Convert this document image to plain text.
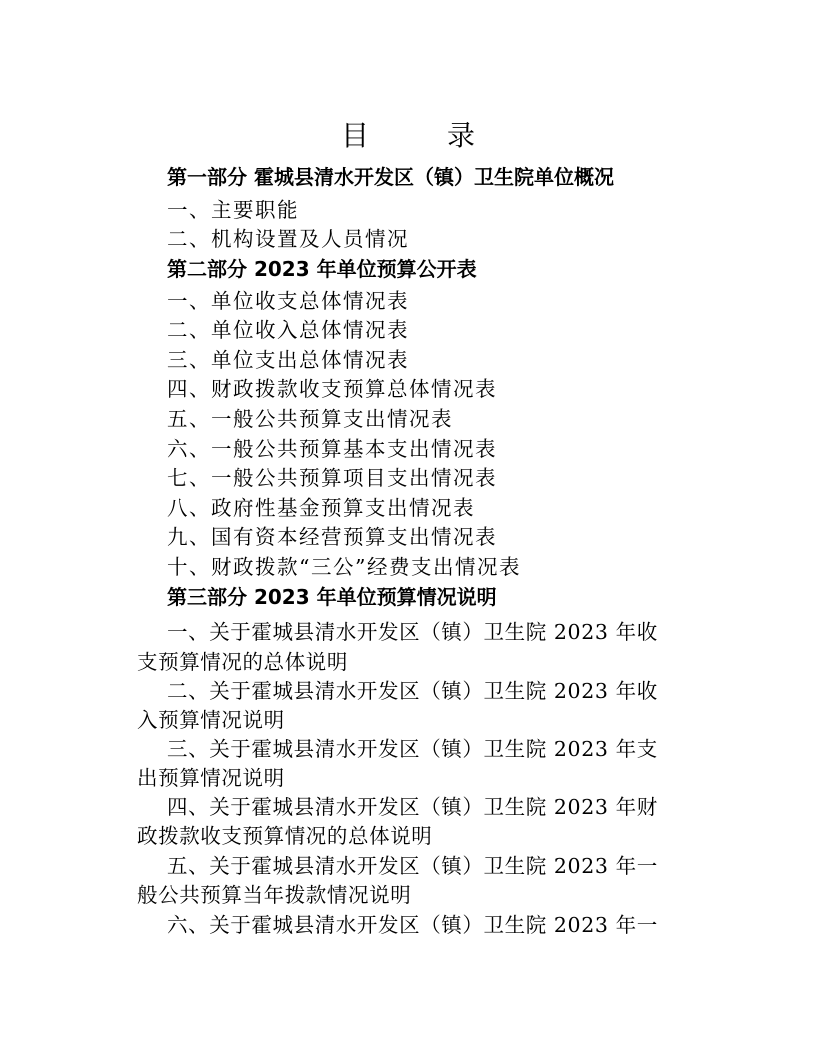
目	录
第一部分 霍城县清水开发区（镇）卫生院单位概况
一、主要职能
二、机构设置及人员情况
第二部分 2023 年单位预算公开表
一、单位收支总体情况表
二、单位收入总体情况表
三、单位支出总体情况表
四、财政拨款收支预算总体情况表
五、一般公共预算支出情况表
六、一般公共预算基本支出情况表
七、一般公共预算项目支出情况表
八、政府性基金预算支出情况表
九、国有资本经营预算支出情况表
十、财政拨款“三公”经费支出情况表
第三部分 2023 年单位预算情况说明
一、关于霍城县清水开发区（镇）卫生院 2023 年收
支预算情况的总体说明
二、关于霍城县清水开发区（镇）卫生院 2023 年收
入预算情况说明
三、关于霍城县清水开发区（镇）卫生院 2023 年支
出预算情况说明
四、关于霍城县清水开发区（镇）卫生院 2023 年财
政拨款收支预算情况的总体说明
五、关于霍城县清水开发区（镇）卫生院 2023 年一
般公共预算当年拨款情况说明
六、关于霍城县清水开发区（镇）卫生院 2023 年一
